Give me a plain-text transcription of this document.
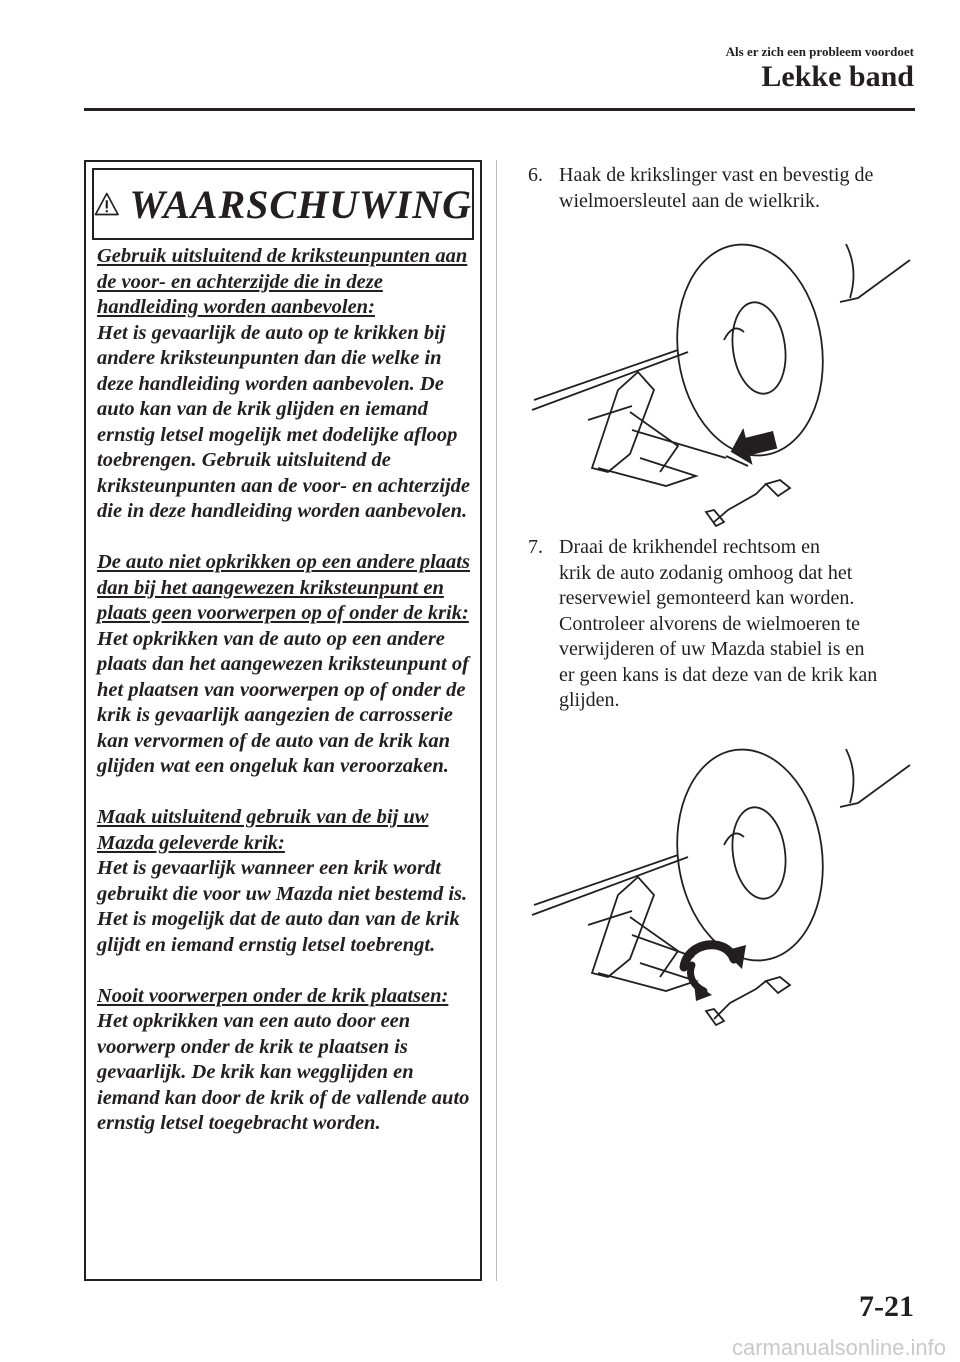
Als er zich een probleem voordoet
Lekke band
WAARSCHUWING

Gebruik uitsluitend de kriksteunpunten aan de voor- en achterzijde die in deze handleiding worden aanbevolen:
Het is gevaarlijk de auto op te krikken bij andere kriksteunpunten dan die welke in deze handleiding worden aanbevolen. De auto kan van de krik glijden en iemand ernstig letsel mogelijk met dodelijke afloop toebrengen. Gebruik uitsluitend de kriksteunpunten aan de voor- en achterzijde die in deze handleiding worden aanbevolen.

De auto niet opkrikken op een andere plaats dan bij het aangewezen kriksteunpunt en plaats geen voorwerpen op of onder de krik:
Het opkrikken van de auto op een andere plaats dan het aangewezen kriksteunpunt of het plaatsen van voorwerpen op of onder de krik is gevaarlijk aangezien de carrosserie kan vervormen of de auto van de krik kan glijden wat een ongeluk kan veroorzaken.

Maak uitsluitend gebruik van de bij uw Mazda geleverde krik:
Het is gevaarlijk wanneer een krik wordt gebruikt die voor uw Mazda niet bestemd is. Het is mogelijk dat de auto dan van de krik glijdt en iemand ernstig letsel toebrengt.

Nooit voorwerpen onder de krik plaatsen:
Het opkrikken van een auto door een voorwerp onder de krik te plaatsen is gevaarlijk. De krik kan wegglijden en iemand kan door de krik of de vallende auto ernstig letsel toegebracht worden.

6. Haak de krikslinger vast en bevestig de
wielmoersleutel aan de wielkrik.
7. Draai de krikhendel rechtsom en
krik de auto zodanig omhoog dat het
reservewiel gemonteerd kan worden.
Controleer alvorens de wielmoeren te
verwijderen of uw Mazda stabiel is en
er geen kans is dat deze van de krik kan
glijden.
7-21
carmanualsonline.info
